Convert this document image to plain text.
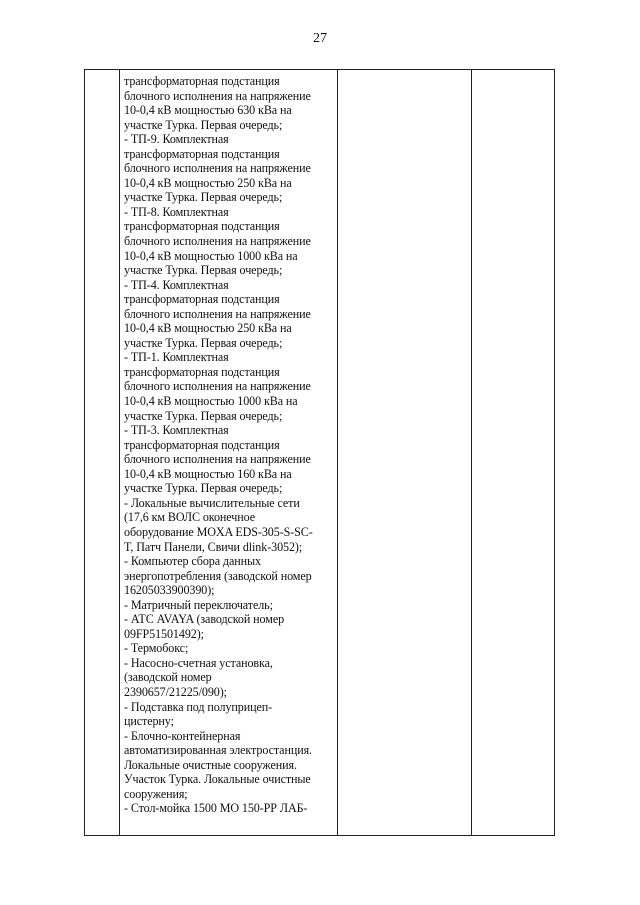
27
трансформаторная подстанция
блочного исполнения на напряжение
10-0,4 кВ мощностью 630 кВа на
участке Турка. Первая очередь;
- ТП-9. Комплектная
трансформаторная подстанция
блочного исполнения на напряжение
10-0,4 кВ мощностью 250 кВа на
участке Турка. Первая очередь;
- ТП-8. Комплектная
трансформаторная подстанция
блочного исполнения на напряжение
10-0,4 кВ мощностью 1000 кВа на
участке Турка. Первая очередь;
- ТП-4. Комплектная
трансформаторная подстанция
блочного исполнения на напряжение
10-0,4 кВ мощностью 250 кВа на
участке Турка. Первая очередь;
- ТП-1. Комплектная
трансформаторная подстанция
блочного исполнения на напряжение
10-0,4 кВ мощностью 1000 кВа на
участке Турка. Первая очередь;
- ТП-3. Комплектная
трансформаторная подстанция
блочного исполнения на напряжение
10-0,4 кВ мощностью 160 кВа на
участке Турка. Первая очередь;
- Локальные вычислительные сети
(17,6 км ВОЛС оконечное
оборудование MOXA EDS-305-S-SC-
T, Патч Панели, Свичи dlink-3052);
- Компьютер сбора данных
энергопотребления (заводской номер
16205033900390);
- Матричный переключатель;
- АТС AVAYA (заводской номер
09FP51501492);
- Термобокс;
- Насосно-счетная установка,
(заводской номер
2390657/21225/090);
- Подставка под полуприцеп-
цистерну;
- Блочно-контейнерная
автоматизированная электростанция.
Локальные очистные сооружения.
Участок Турка. Локальные очистные
сооружения;
- Стол-мойка 1500 МО 150-РР ЛАБ-
